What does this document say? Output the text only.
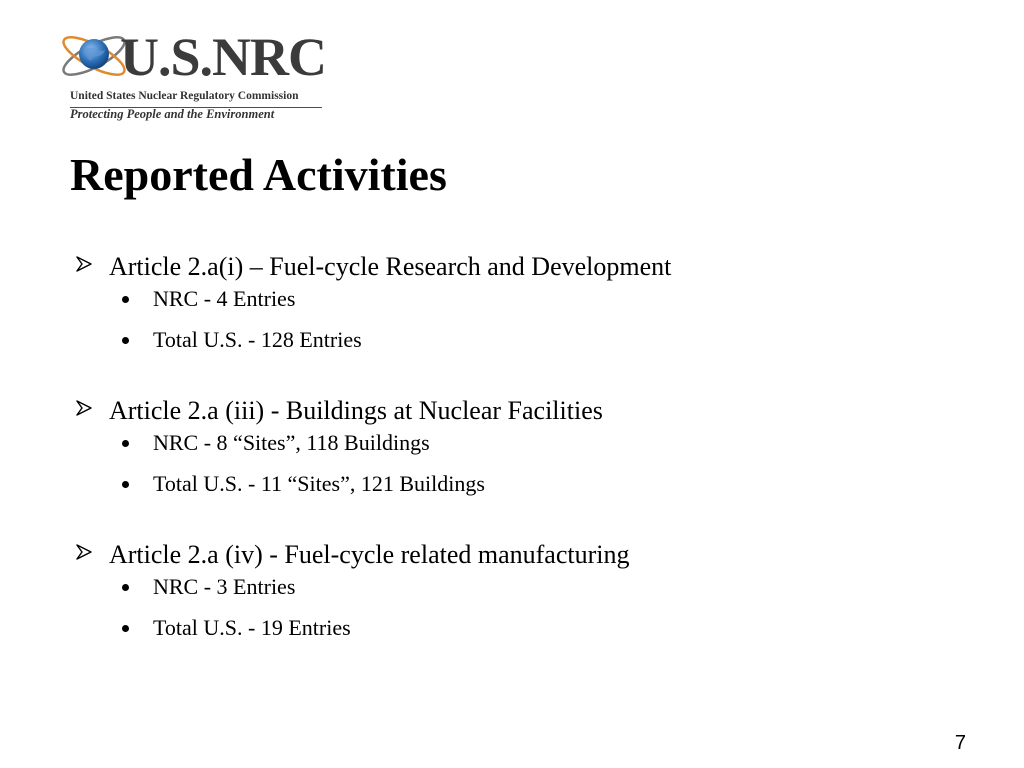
U.S.NRC
United States Nuclear Regulatory Commission
Protecting People and the Environment
Reported Activities
Article 2.a(i) – Fuel-cycle Research and Development
NRC - 4 Entries
Total U.S. - 128 Entries
Article 2.a (iii) - Buildings at Nuclear Facilities
NRC - 8 “Sites”, 118 Buildings
Total U.S. - 11 “Sites”, 121 Buildings
Article 2.a (iv) - Fuel-cycle related manufacturing
NRC - 3 Entries
Total U.S. - 19 Entries
7
